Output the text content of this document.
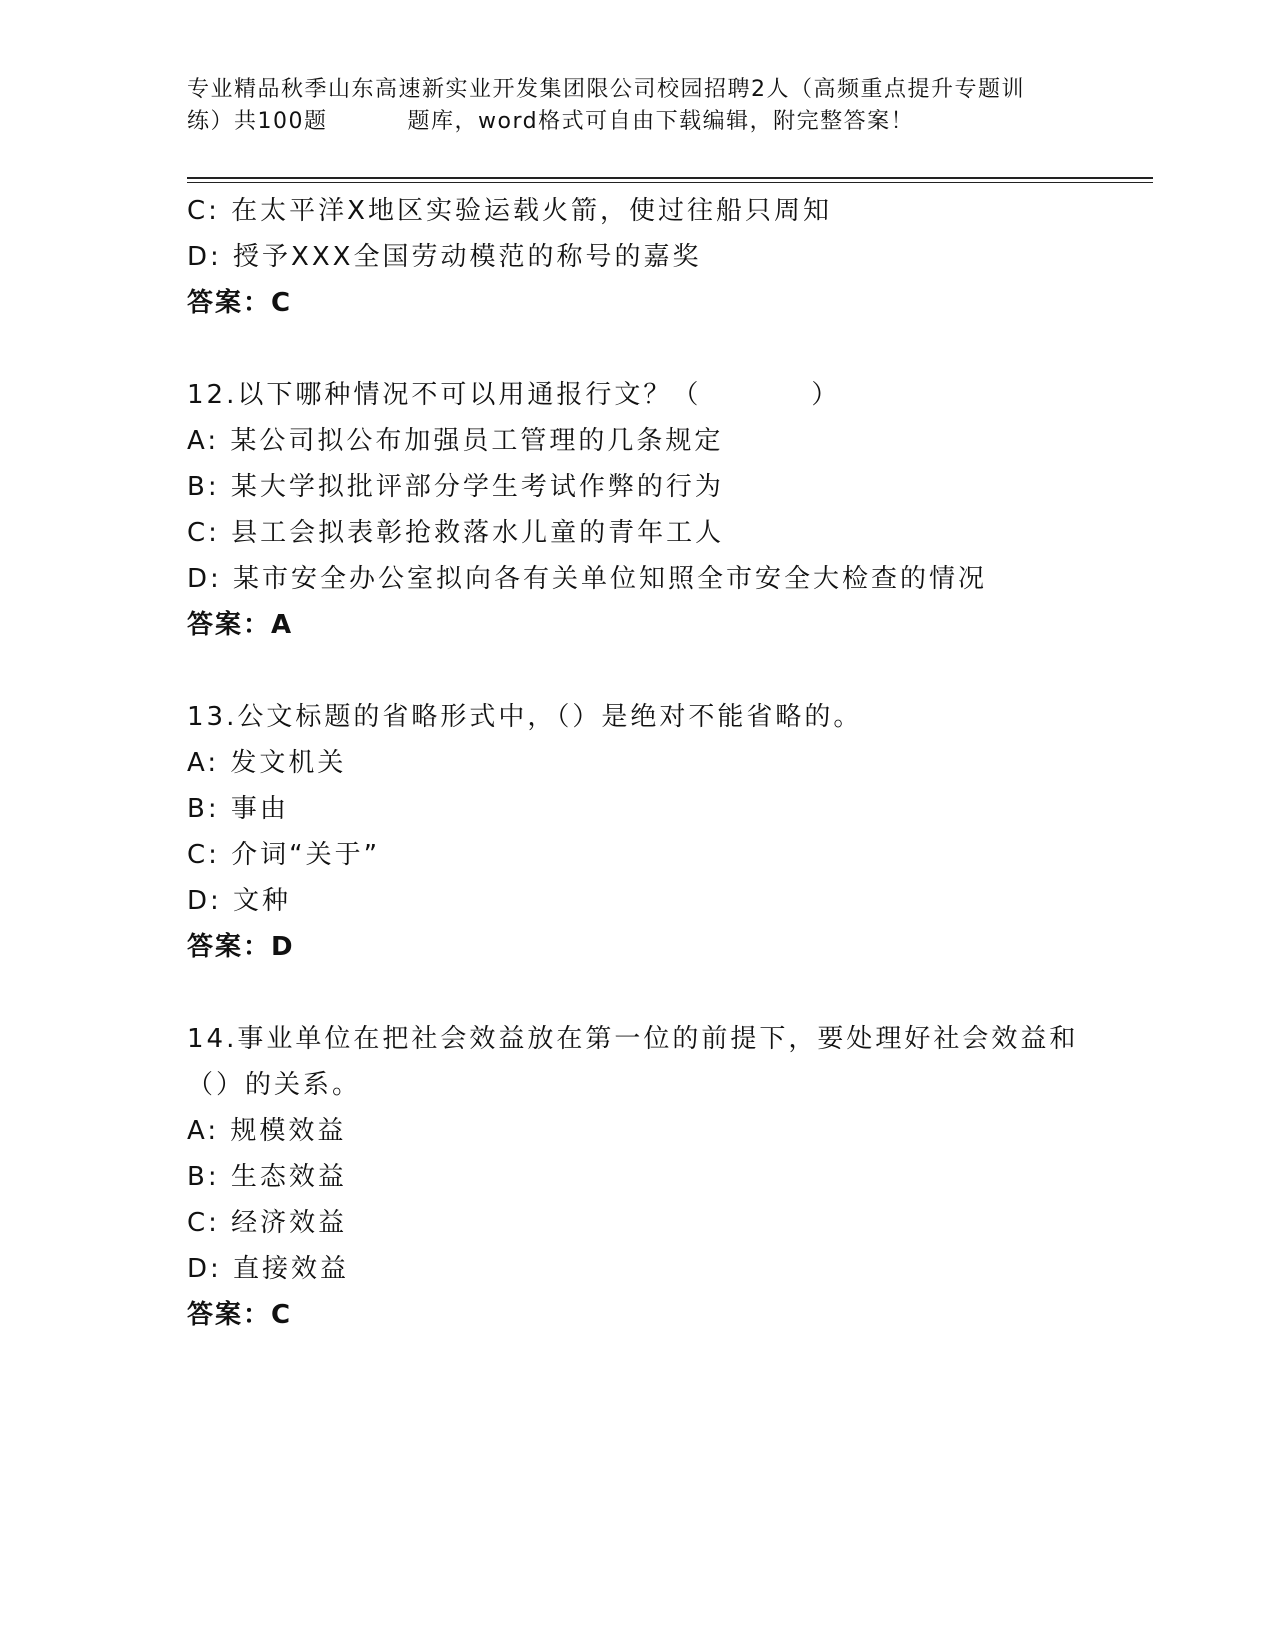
专业精品秋季山东高速新实业开发集团限公司校园招聘2人（高频重点提升专题训
练）共100题	题库，word格式可自由下载编辑，附完整答案！
C: 在太平洋X地区实验运载火箭，使过往船只周知
D: 授予XXX全国劳动模范的称号的嘉奖
答案：C
12.以下哪种情况不可以用通报行文？（	）
A: 某公司拟公布加强员工管理的几条规定
B: 某大学拟批评部分学生考试作弊的行为
C: 县工会拟表彰抢救落水儿童的青年工人
D: 某市安全办公室拟向各有关单位知照全市安全大检查的情况
答案：A
13.公文标题的省略形式中，（）是绝对不能省略的。
A: 发文机关
B: 事由
C: 介词“关于”
D: 文种
答案：D
14.事业单位在把社会效益放在第一位的前提下，要处理好社会效益和
（）的关系。
A: 规模效益
B: 生态效益
C: 经济效益
D: 直接效益
答案：C
